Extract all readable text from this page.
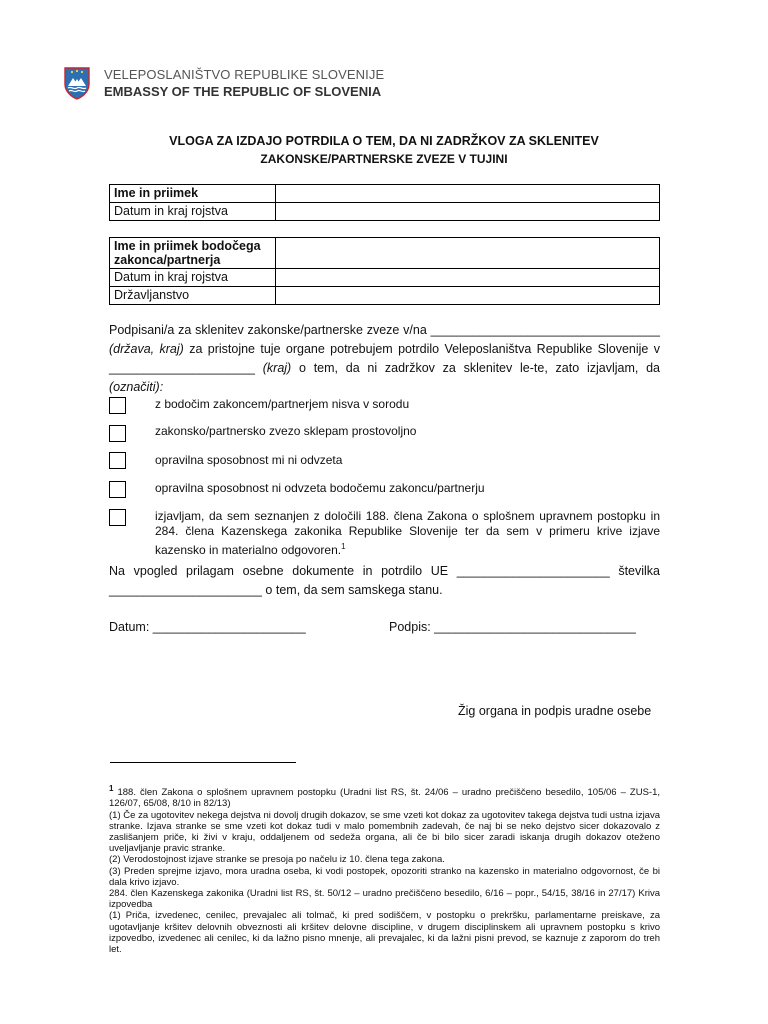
VELEPOSLANIŠTVO REPUBLIKE SLOVENIJE
EMBASSY OF THE REPUBLIC OF SLOVENIA
VLOGA ZA IZDAJO POTRDILA O TEM, DA NI ZADRŽKOV ZA SKLENITEV
ZAKONSKE/PARTNERSKE ZVEZE V TUJINI
Ime in priimek	
Datum in kraj rojstva	
Ime in priimek bodočega zakonca/partnerja	
Datum in kraj rojstva	
Državljanstvo	
Podpisani/a za sklenitev zakonske/partnerske zveze v/na _________________________________ (država, kraj) za pristojne tuje organe potrebujem potrdilo Veleposlaništva Republike Slovenije v _____________________ (kraj) o tem, da ni zadržkov za sklenitev le-te, zato izjavljam, da (označiti):
z bodočim zakoncem/partnerjem nisva v sorodu
zakonsko/partnersko zvezo sklepam prostovoljno
opravilna sposobnost mi ni odvzeta
opravilna sposobnost ni odvzeta bodočemu zakoncu/partnerju
izjavljam, da sem seznanjen z določili 188. člena Zakona o splošnem upravnem postopku in 284. člena Kazenskega zakonika Republike Slovenije ter da sem v primeru krive izjave kazensko in materialno odgovoren.$^1$
Na vpogled prilagam osebne dokumente in potrdilo UE ______________________ številka ______________________ o tem, da sem samskega stanu.
Datum: ______________________	Podpis: _____________________________
Žig organa in podpis uradne osebe
$^1$ 188. člen Zakona o splošnem upravnem postopku (Uradni list RS, št. 24/06 – uradno prečiščeno besedilo, 105/06 – ZUS-1, 126/07, 65/08, 8/10 in 82/13)
(1) Če za ugotovitev nekega dejstva ni dovolj drugih dokazov, se sme vzeti kot dokaz za ugotovitev takega dejstva tudi ustna izjava stranke. Izjava stranke se sme vzeti kot dokaz tudi v malo pomembnih zadevah, če naj bi se neko dejstvo sicer dokazovalo z zaslišanjem priče, ki živi v kraju, oddaljenem od sedeža organa, ali če bi bilo sicer zaradi iskanja drugih dokazov oteženo uveljavljanje pravic stranke.
(2) Verodostojnost izjave stranke se presoja po načelu iz 10. člena tega zakona.
(3) Preden sprejme izjavo, mora uradna oseba, ki vodi postopek, opozoriti stranko na kazensko in materialno odgovornost, če bi dala krivo izjavo.
284. člen Kazenskega zakonika (Uradni list RS, št. 50/12 – uradno prečiščeno besedilo, 6/16 – popr., 54/15, 38/16 in 27/17) Kriva izpovedba
(1) Priča, izvedenec, cenilec, prevajalec ali tolmač, ki pred sodiščem, v postopku o prekršku, parlamentarne preiskave, za ugotavljanje kršitev delovnih obveznosti ali kršitev delovne discipline, v drugem disciplinskem ali upravnem postopku s krivo izpovedbo, izvedenec ali cenilec, ki da lažno pisno mnenje, ali prevajalec, ki da lažni pisni prevod, se kaznuje z zaporom do treh let.
